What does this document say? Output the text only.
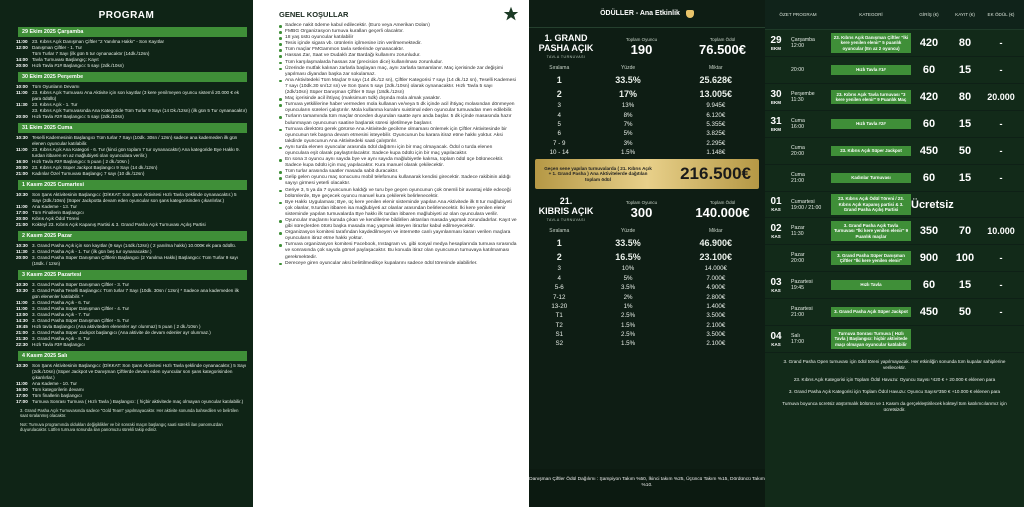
PROGRAM
29 Ekim 2025 Çarşamba
11:00 23. Kıbrıs Açık Danışman Çiftler "2 Yanılma Hakkı" - Son Kayıtlar
12:00 Danışman Çiftler - 1. Tur
Tüm Turlar 7 Sayı (ilk gün 5 tur oynanacaktır (14dk./12sn)
14:00 Tavla Turnuvası Başlangıç: Kayıt
20:00 Hızlı Tavla #1# Başlangıcı: 5 sayı (2dk./10sn)
30 Ekim 2025 Perşembe
10:00 Tüm Oyunların Devamı
11:00 23. Kıbrıs Açık Turnuvası Ana Aktivite için son kayıtlar (3 kere yenilmeyen oyuncu sistemli 20.000 € ek para ödüllü)
11:30 23. Kıbrıs Açık - 1. Tur
23. Kıbrıs Açık Turnuvasında Ana Kategoride Tüm Turlar 9 Sayı (14 Dk./12sn) (ilk gün 5 Tur oynanacaktır)
20:00 Hızlı Tavla #2# Başlangıcı: 5 sayı (2dk./10sn)
31 Ekim 2025 Cuma
10:30 Teselli Kademesinin Başlangıcı Tüm turlar 7 Sayı (10dk. 30sn / 12sn) sadece ana kademeden ilk gün elenen oyuncular katılabilir.
11:00 23. Kıbrıs Açık Ana Kategori - 6. Tur (kinci gün toplam 7 tur oynanacaktır) Ana kategoride Bye Hakkı 9. turdan itibaren en az mağlubiyeti olan oyunculara verilir.)
16:00 Hızlı Tavla #2# Başlangıcı: 5 puan ( 2 dk./10sn )
20:00 23. Kıbrıs Açık Süper Jackpot Başlangıcı 9 Sayı (14 dk./12sn)
21:00 Kadınlar Özel Turnuvası Başlangıç 7 sayı (10 dk./12sn)
1 Kasım 2025 Cumartesi
10:30 Son Şans Aktivitesinin Başlangıcı: (DİKKAT: Son Şans Aktivitesi Hızlı Tavla Şeklinde oynanacaktır.) 5 Sayı (2dk./10sn) (Süper Jackpotta devam eden oyuncular son şans kategorisinden çıkarılırlar.)
11:00 Ana Kademe - 13. Tur
17:00 Tüm Finallerin Başlangıcı
20:00 Kıbrıs Açık Ödül Töreni
21:00 Kokteyl 23. Kıbrıs Açık Kapanış Partisi & 3. Grand Pasha Açık Turnuvası Açılış Partisi
2 Kasım 2025 Pazar
10:30 3. Grand Pasha Açık için son kayıtlar (9 sayı (14dk./12sn) ( 2 yanılma hakkı) 10.000€ ek para ödüllü.
11:30 3. Grand Pasha Açık - 1. Tur (ilk gün beş tur oynanacaktır.)
20:00 3. Grand Pasha Süper Danışman Çiftlerin Başlangıcı (2 Yanılma Hakkı) Başlangıcı: Tüm Turlar 9 sayı (18dk. / 12sn)
3 Kasım 2025 Pazartesi
10:30 3. Grand Pasha Süper Danışman Çiftler - 3. Tur
10:30 3. Grand Pasha Teselli Başlangıcı: Tüm turlar 7 Sayı (10dk. 30sn / 12sn) * Sadece ana kademeden ilk gün elenenler katılabilir. *
11:00 3. Grand Pasha Açık - 6. Tur
11:00 3. Grand Pasha Süper Danışman Çiftler - 4. Tur
13:00 3. Grand Pasha Açık - 7. Tur
14:30 3. Grand Pasha Süper Danışman Çiftler - 5. Tur
19:45 Hızlı tavla Başlangıcı (Ana aktiviteden elenenler ayr olunmaz) 5 puan ( 2 dk./10sn )
21:00 3. Grand Pasha Süper Jackpot başlangıcı (Ana aktivite de devam edenler ayr olunmaz.)
21:30 3. Grand Pasha Açık - 8. Tur
22:30 Hızlı Tavla #3# Başlangıcı
4 Kasım 2025 Salı
10:30 Son Şans Aktivitesinin Başlangıcı: (DİKKAT: Son Şans Aktivitesi Hızlı Tavla şeklinde oynanacaktır.) 5 Sayı (2dk./10sn) (Süper Jackpot ve Danışman Çiftlerde devam eden oyuncular son şans kategorisinden çıkarılırlar.)
11:00 Ana Kademe - 10. Tur
16:00 Tüm kategorilerin devamı
17:00 Tüm finallerin başlangıcı
17:00 Turnuva Sonrası Turnuva ( Hızlı Tavla ) Başlangıcı: ( hiçbir aktivitede maç olmayan oyuncular katılabilir.)
3. Grand Pasha Açık Turnuvasında sadece "Gold Team" yapılmayacaktır. Her aktivite sonunda bahsedilen ve belirtilen saat sıralanmış olacaktır.
Not: Turnuva programında oldukları değişiklikler ve bir sonraki maçın başlangıç saati sürekli ilan panomuzdan duyurulacaktır. Lütfen turnuva sonunda ilan panomuzu sürekli takip ediniz.
GENEL KOŞULLAR
Sadece nakit ödeme kabul edilecektir. (Euro veya Amerikan Doları)
FMBG Organizasyon turnuva kuralları geçerli olacaktır.
18 yaş üstü oyuncular katılabilir
Tesis içinde sigara vb. ürünlerin içilmesine izin verilmemektedir.
Tüm maçlar FMGammon tavla setlerinde oynanacaktır.
Hassas Zar, Saat ve Dudaklı Zar Bardağı kullanımı zorunludur.
Tüm karşılaşmalarda hassas zar (precision dice) kullanılması zorunludur.
Üzerinde mutfak kalınan zarlarla başlayan maç, aynı zarlarla tamamlanır. Maç içerisinde zar değişimi yapılması diyandan başka zar sokulamaz.
Ana Aktivitedeki Tüm Maçlar 9 sayı (14 dk./12 sn), Çiftler Kategorisi 7 sayı (14 dk./12 sn), Teselli Kademesi 7 sayı (10dk.30 sn/12 sn) ve Son Şans 5 sayı (2dk./10sn) olarak oynanacaktır. Hızlı Tavla 5 sayı (2dk/10sn) Süper Danışman Çiftler 9 Sayı (18dk./12sn)
Maç içerisinde acil ihtiyaç (maksimum 5dk) dışında mola almak yasaktır.
Turnuva yetkililerine haber vermeden mola kullanan ve/veya 5 dk içinde acil ihtiyaç molasından dönmeyen oyuncuların süreleri çalıştırılır. Mola kullanma kuralını suistimal eden oyuncular turnuvadan men edilebilir.
Turların tamamında tüm maçlar önceden duyurulan saatte aynı anda başlar. 5 dk içinde masasında hazır bulunmayan oyuncunun saatine başlarak süresi işletilmeye başlanır.
Turnuva direktörü gerek görürse Ana Aktivitede gecikme olmaması önlemek için Çiftler Aktivitesinde bir oyuncunun tek başına devam etmesini isteyebilir. Oyuncunun bu karara itiraz etme hakkı yoktur. Aksi takdirde oyuncunun Ana Aktivitedeki saati çalıştırılır.
Aynı turda elenen oyuncular arasında ödül dağıtımı için bir maç olmayacak. Ödül o turda elenen oyunculara eşit olarak paylaştırılacaktır. Sadece kupa ödülü için bir maç yapılacaktır.
En sona 3 oyuncu aynı sayıda bye ve aynı sayıda mağlubiyetle kalırsa, toplam ödül üçe bölünecektir. Sadece kupa ödülü için maç yapılacaktır. Kura manuel olarak çekilecektir.
Tüm turlar arasında saatler masada sabit duracaktır.
Gelip gelen oyuncu maç sonucunu mobil telefonunu kullanarak kendisi girecektir. Sadece rakibinin aldığı sayıyı girmesi yeterli olacaktır.
Geriye 3, 5 ya da 7 oyuncunun kaldığı ve turu bye geçen oyuncunun çok önemli bir avantaj elde edeceği bölümlerde, Bye geçecek oyuncu manuel kura çekilerek belirlenecektir.
Bye Hakkı Uygulaması; Bye, üç kere yenilen elenir sisteminde yapılan Ana Aktivitede ilk 8 tur mağlubiyeti çok olanlar, 9.turdan itibaren isa mağlubiyeti az olanlar arasından belirlenecektir. İki kere yenilen elenir sisteminde yapılan turnuvalarda Bye hakkı ilk turdan itibaren mağlubiyeti az olan oyunculara verilir.
Oyuncular maçlarını kurada çıkan ve kendilerine bildirilen aktarılan masada yapmak zorundadırlar. Kayıt ve gibi süreçlerden ötürü başka masada maç yapmak isteyen itirazlar kabul edilmeyecektir.
Organizasyon komitesi tarafından kaydedilmeyen ve internette canlı yayınlanması kararı verilen maçlara oyuncuların itiraz etme hakkı yoktur.
Turnuva organizasyon komitesi Facebook, Instagram vs. gibi sosyal medya hesaplarında turnuva sırasında ve sonrasında çok sayıda görsel paylaşacaktır. Bu konuda itiraz olan oyuncunun turnuvaya katılmaması gerekmektedir.
Dereceye giren oyuncular aksi belirtilmedikçe kupalarını sadece ödül töreninde alabilirler.
ÖDÜLLER - Ana Etkinlik
1. GRAND
PASHA AÇIK
TAVLA TURNUVASI
Toplam Oyuncu
190
Toplam Ödül
76.500€
Sıralama	Yüzde	Miktar
1	33.5%	25.628€
2	17%	13.005€
3	13%	9.945€
4	8%	6.120€
5	7%	5.355€
6	5%	3.825€
7 - 9	3%	2.295€
10 - 14	1.5%	1.148€
Geçen sene yapılan turnuvalarda ( 21. Kıbrıs Açık + 1. Grand Pasha ) Ana Aktivitelerde dağıtılan toplam ödül	216.500€
21.
KIBRIS AÇIK
TAVLA TURNUVASI
Toplam Oyuncu
300
Toplam Ödül
140.000€
Sıralama	Yüzde	Miktar
1	33.5%	46.900€
2	16.5%	23.100€
3	10%	14.000€
4	5%	7.000€
5-6	3.5%	4.900€
7-12	2%	2.800€
13-20	1%	1.400€
T1	2.5%	3.500€
T2	1.5%	2.100€
S1	2.5%	3.500€
S2	1.5%	2.100€
Danışman Çiftler Ödül Dağılımı : Şampiyon Takım %50, İkinci takım %25, Üçüncü Takım %15, Dördüncü Takım %10.
ÖZET PROGRAM	KATEGORİ	GİRİŞ (€)	KAYIT (€)	EK ÖDÜL (€)
29
EKM
Çarşamba
12:00
23. Kıbrıs Açık Danışman Çiftler "İki kere yenilen elenir" 5 puanlık oyuncular (En az 2 oyuncu)	420	80	-
20:00	Hızlı Tavla #1#	60	15	-
30
EKM
Perşembe
11:30
23. Kıbrıs Açık Tavla turnuvası "3 kere yenilen elenir" 9 Puanlık Maç	420	80	20.000
31
EKM
Cuma
16:00
Hızlı Tavla #2#	60	15	-
Cuma
20:00
23. Kıbrıs Açık Süper Jackpot	450	50	-
Cuma
21:00
Kadınlar Turnuvası	60	15	-
01
KAS
Cumartesi
19:00 / 21:00
23. Kıbrıs Açık Ödül Töreni / 23. Kıbrıs Açık Kapanış partisi & 3. Grand Pasha Açılış Partisi	Ücretsiz
02
KAS
Pazar
11:30
3. Grand Pasha Açık Tavla Turnuvası "İki kere yenilen elenir" 9 Puanlık maçlar	350	70	10.000
Pazar
20:00
3. Grand Pasha Süper Danışman Çiftler "İki kere yenilen elenir"	900	100	-
03
KAS
Pazartesi
19:45
Hızlı Tavla	60	15	-
Pazartesi
21:00
3. Grand Pasha Açık Süper Jackpot	450	50	-
04
KAS
Salı
17:00
Turnuva Sonrası Turnuva ( Hızlı Tavla ) Başlangıcı: hiçbir aktivitede maçı olmayan oyuncular katılabilir
3. Grand Pasha Open turnuvası için ödül töreni yapılmayacak. Her etkinliğin sonunda tüm kupalar sahiplerine verilecektir.
23. Kıbrıs Açık Kategorisi için Toplam Ödül Havuzu: Oyuncu Sayısı *420 € + 20.000 € eklenen para
3. Grand Pasha Açık Kategorisi için Toplam Ödül Havuzu: Oyuncu Sayısı*350 € +10.000 € eklenen para
Turnuva boyunca ücretsiz atıştırmalık bölümü ve 1 Kasım da gerçekleştirilecek kokteyl tüm katılımcılarımız için ücretsizdir.
